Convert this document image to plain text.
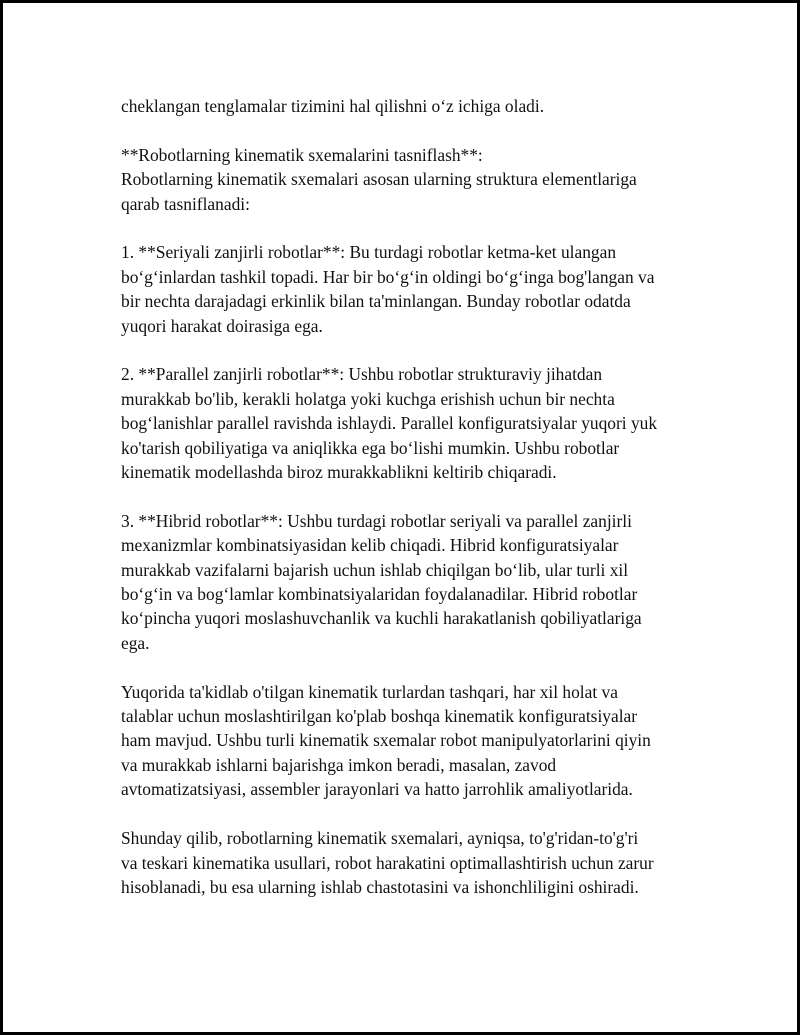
cheklangan tenglamalar tizimini hal qilishni o‘z ichiga oladi.

**Robotlarning kinematik sxemalarini tasniflash**:
Robotlarning kinematik sxemalari asosan ularning struktura elementlariga
qarab tasniflanadi:

1. **Seriyali zanjirli robotlar**: Bu turdagi robotlar ketma-ket ulangan
bo‘g‘inlardan tashkil topadi. Har bir bo‘g‘in oldingi bo‘g‘inga bog'langan va
bir nechta darajadagi erkinlik bilan ta'minlangan. Bunday robotlar odatda
yuqori harakat doirasiga ega.

2. **Parallel zanjirli robotlar**: Ushbu robotlar strukturaviy jihatdan
murakkab bo'lib, kerakli holatga yoki kuchga erishish uchun bir nechta
bog‘lanishlar parallel ravishda ishlaydi. Parallel konfiguratsiyalar yuqori yuk
ko'tarish qobiliyatiga va aniqlikka ega bo‘lishi mumkin. Ushbu robotlar
kinematik modellashda biroz murakkablikni keltirib chiqaradi.

3. **Hibrid robotlar**: Ushbu turdagi robotlar seriyali va parallel zanjirli
mexanizmlar kombinatsiyasidan kelib chiqadi. Hibrid konfiguratsiyalar
murakkab vazifalarni bajarish uchun ishlab chiqilgan bo‘lib, ular turli xil
bo‘g‘in va bog‘lamlar kombinatsiyalaridan foydalanadilar. Hibrid robotlar
ko‘pincha yuqori moslashuvchanlik va kuchli harakatlanish qobiliyatlariga
ega.

Yuqorida ta'kidlab o'tilgan kinematik turlardan tashqari, har xil holat va
talablar uchun moslashtirilgan ko'plab boshqa kinematik konfiguratsiyalar
ham mavjud. Ushbu turli kinematik sxemalar robot manipulyatorlarini qiyin
va murakkab ishlarni bajarishga imkon beradi, masalan, zavod
avtomatizatsiyasi, assembler jarayonlari va hatto jarrohlik amaliyotlarida.

Shunday qilib, robotlarning kinematik sxemalari, ayniqsa, to'g'ridan-to'g'ri
va teskari kinematika usullari, robot harakatini optimallashtirish uchun zarur
hisoblanadi, bu esa ularning ishlab chastotasini va ishonchliligini oshiradi.
